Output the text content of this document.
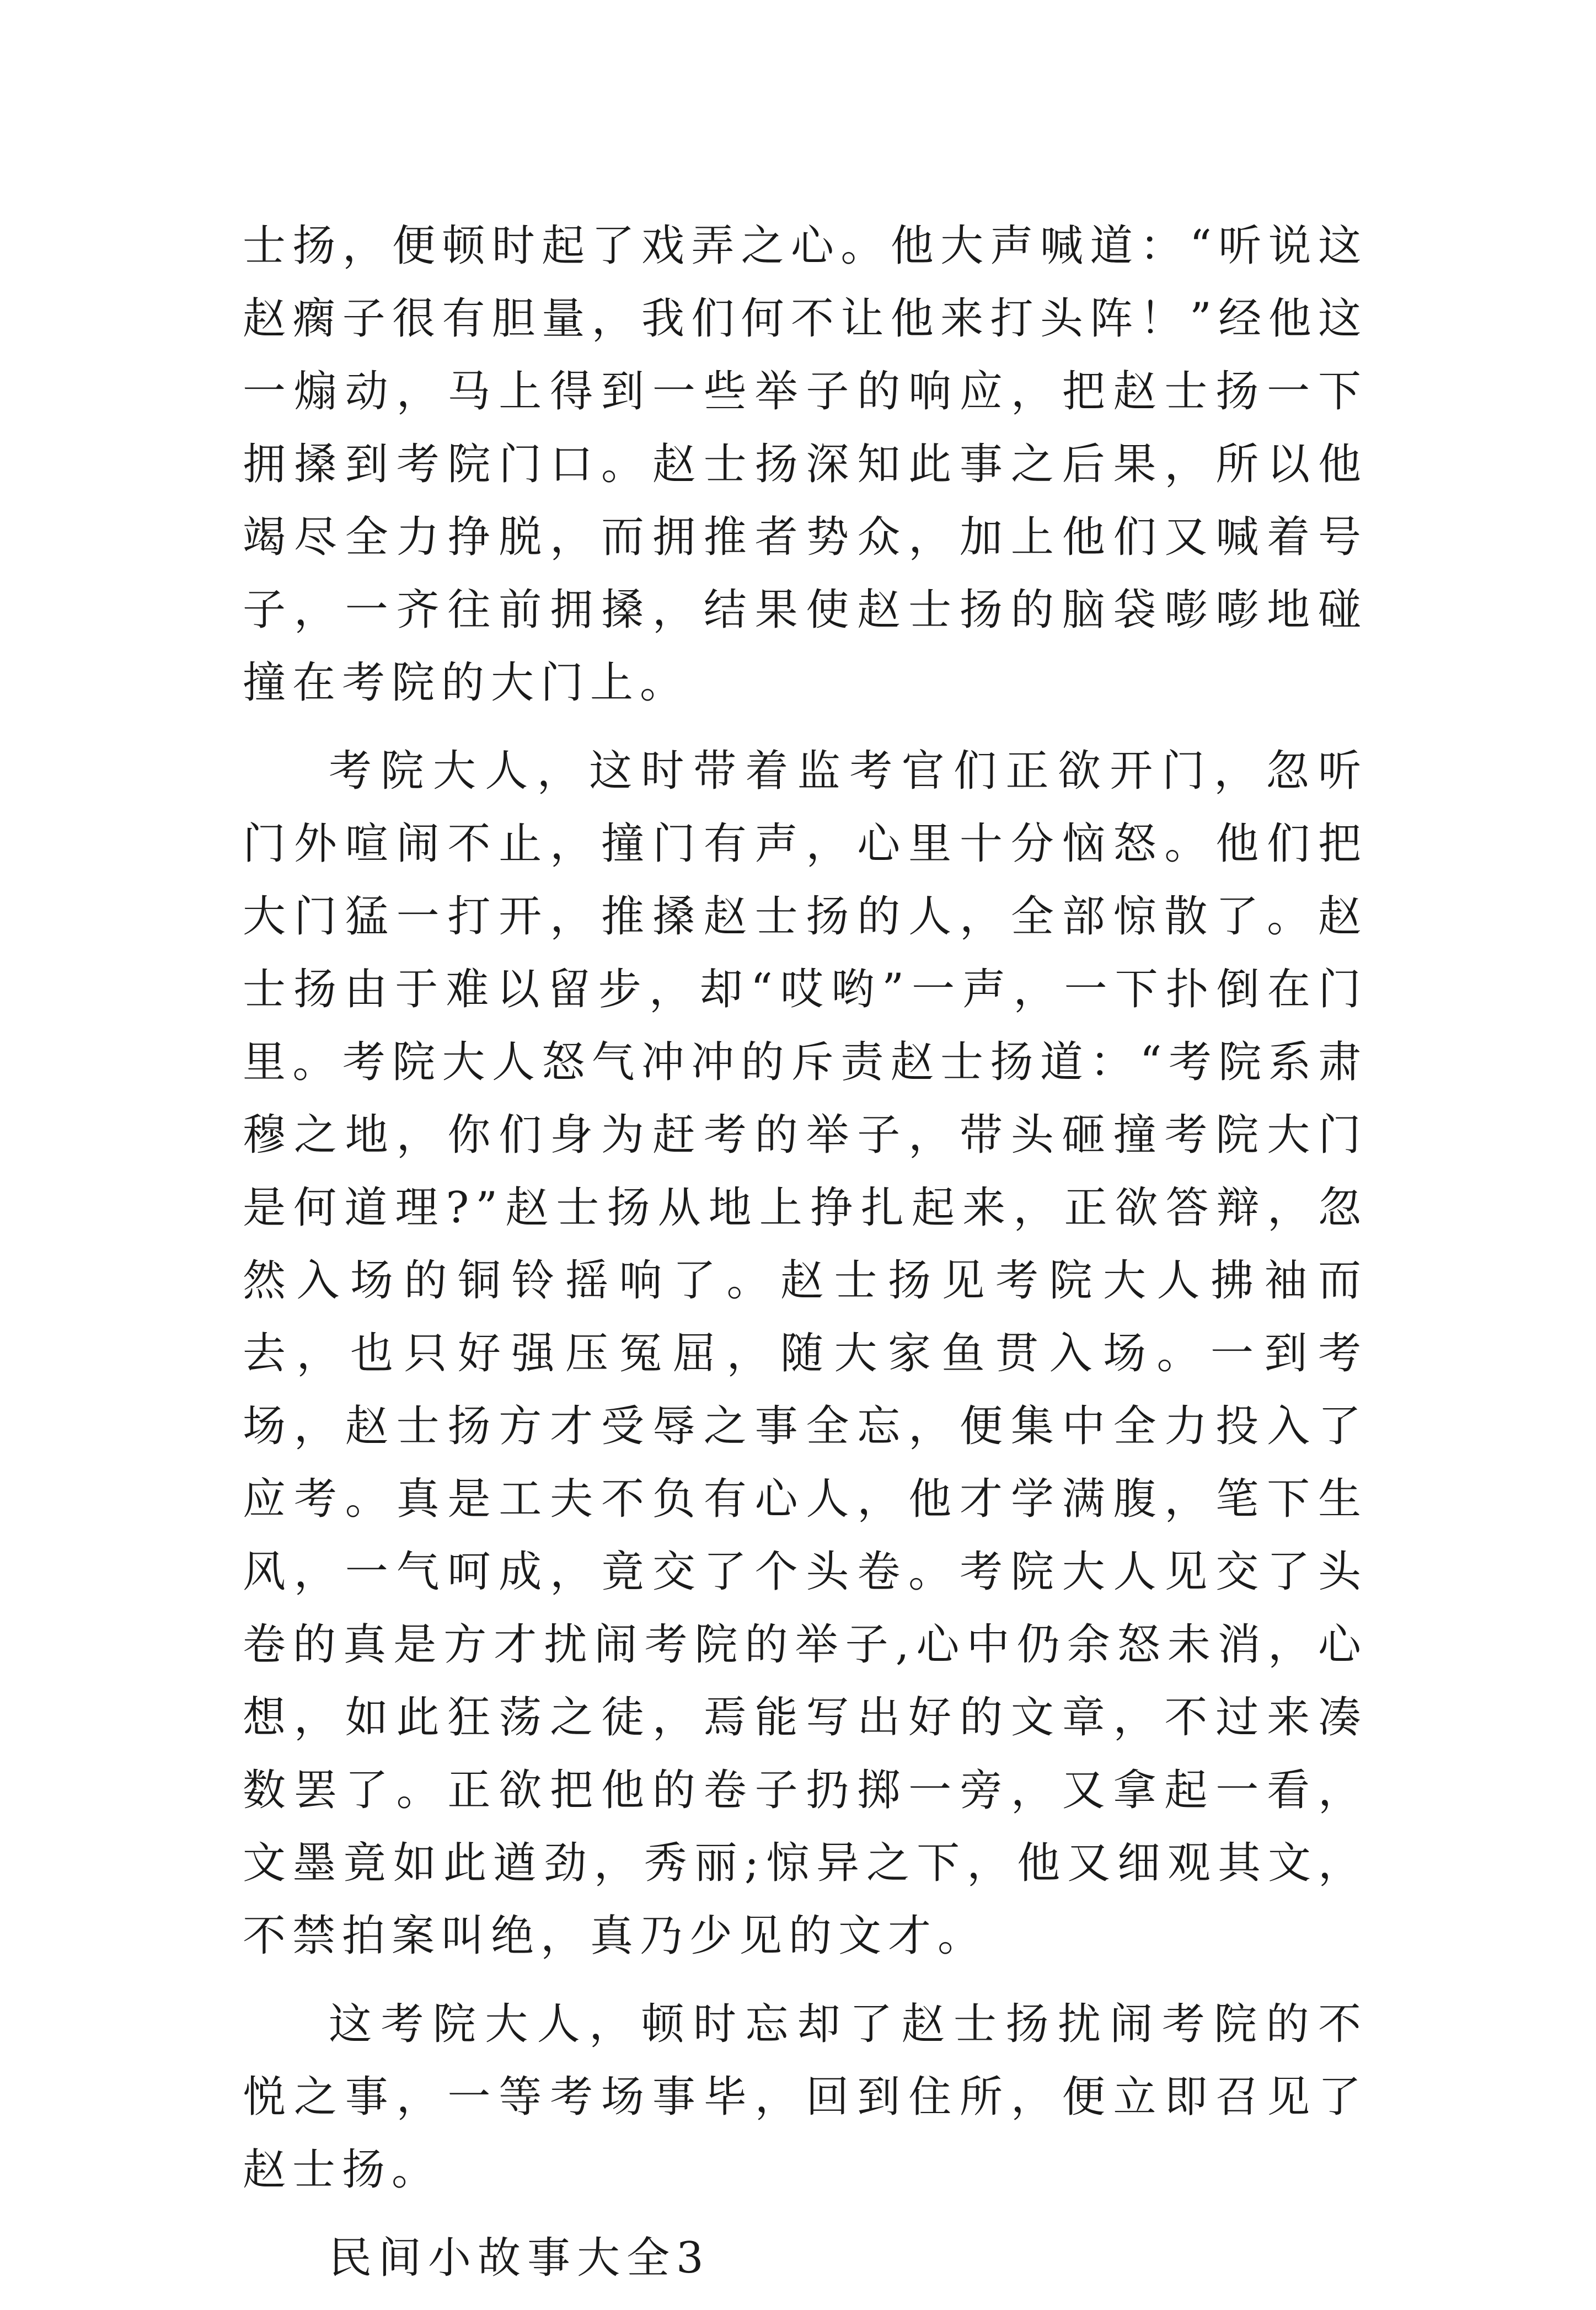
士扬，便顿时起了戏弄之心。他大声喊道：“听说这赵瘸子很有胆量，我们何不让他来打头阵！”经他这一煽动，马上得到一些举子的响应，把赵士扬一下拥搡到考院门口。赵士扬深知此事之后果，所以他竭尽全力挣脱，而拥推者势众，加上他们又喊着号子，一齐往前拥搡，结果使赵士扬的脑袋嘭嘭地碰撞在考院的大门上。

考院大人，这时带着监考官们正欲开门，忽听门外喧闹不止，撞门有声，心里十分恼怒。他们把大门猛一打开，推搡赵士扬的人，全部惊散了。赵士扬由于难以留步，却“哎哟”一声，一下扑倒在门里。考院大人怒气冲冲的斥责赵士扬道：“考院系肃穆之地，你们身为赶考的举子，带头砸撞考院大门是何道理?”赵士扬从地上挣扎起来，正欲答辩，忽然入场的铜铃摇响了。赵士扬见考院大人拂袖而去，也只好强压冤屈，随大家鱼贯入场。一到考场，赵士扬方才受辱之事全忘，便集中全力投入了应考。真是工夫不负有心人，他才学满腹，笔下生风，一气呵成，竟交了个头卷。考院大人见交了头卷的真是方才扰闹考院的举子,心中仍余怒未消，心想，如此狂荡之徒，焉能写出好的文章，不过来凑数罢了。正欲把他的卷子扔掷一旁，又拿起一看，文墨竟如此遒劲，秀丽;惊异之下，他又细观其文，不禁拍案叫绝，真乃少见的文才。

这考院大人，顿时忘却了赵士扬扰闹考院的不悦之事，一等考场事毕，回到住所，便立即召见了赵士扬。

民间小故事大全3
